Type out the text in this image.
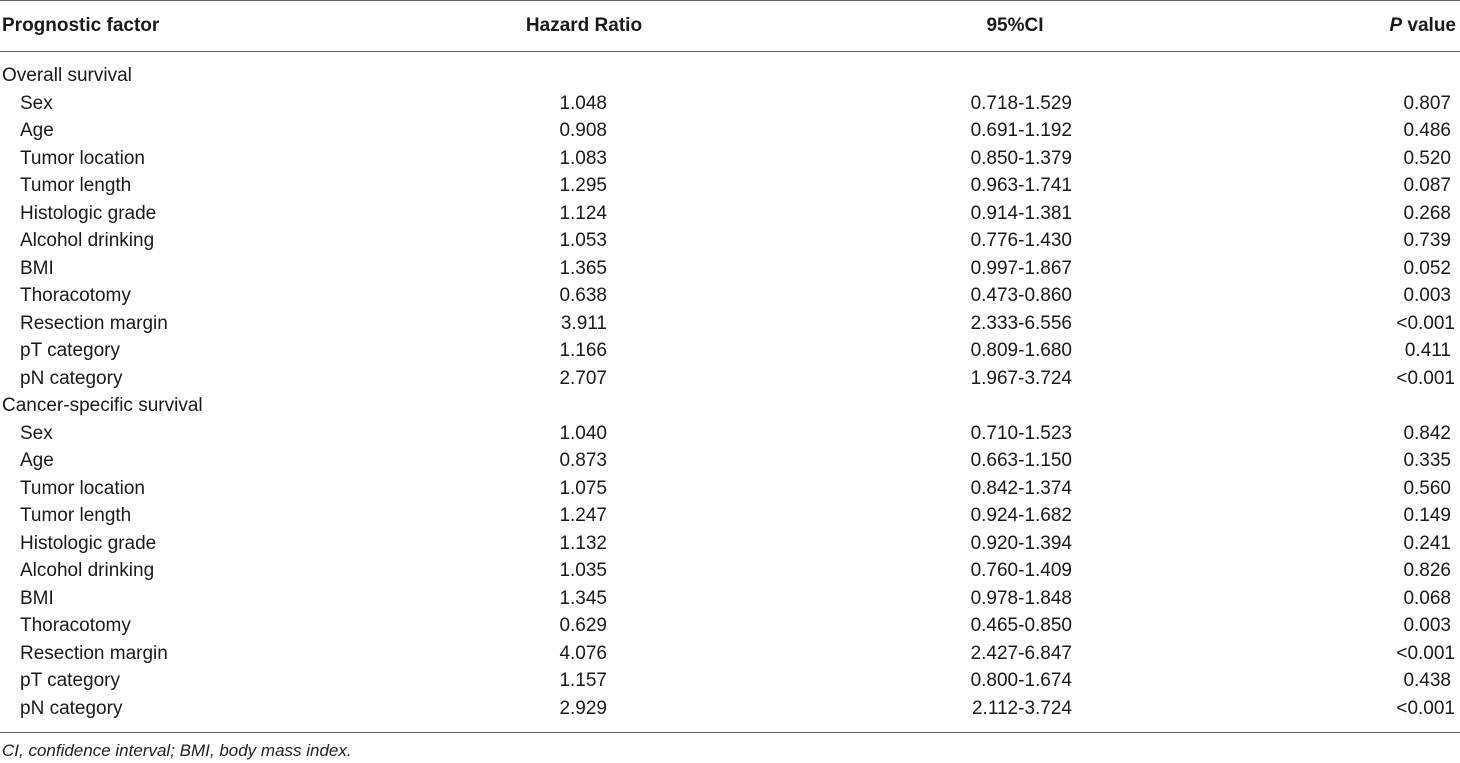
Prognostic factor	Hazard Ratio	95%CI	P value
Overall survival
Sex	1.048	0.718-1.529	0.807
Age	0.908	0.691-1.192	0.486
Tumor location	1.083	0.850-1.379	0.520
Tumor length	1.295	0.963-1.741	0.087
Histologic grade	1.124	0.914-1.381	0.268
Alcohol drinking	1.053	0.776-1.430	0.739
BMI	1.365	0.997-1.867	0.052
Thoracotomy	0.638	0.473-0.860	0.003
Resection margin	3.911	2.333-6.556	<0.001
pT category	1.166	0.809-1.680	0.411
pN category	2.707	1.967-3.724	<0.001
Cancer-specific survival
Sex	1.040	0.710-1.523	0.842
Age	0.873	0.663-1.150	0.335
Tumor location	1.075	0.842-1.374	0.560
Tumor length	1.247	0.924-1.682	0.149
Histologic grade	1.132	0.920-1.394	0.241
Alcohol drinking	1.035	0.760-1.409	0.826
BMI	1.345	0.978-1.848	0.068
Thoracotomy	0.629	0.465-0.850	0.003
Resection margin	4.076	2.427-6.847	<0.001
pT category	1.157	0.800-1.674	0.438
pN category	2.929	2.112-3.724	<0.001
CI, confidence interval; BMI, body mass index.
